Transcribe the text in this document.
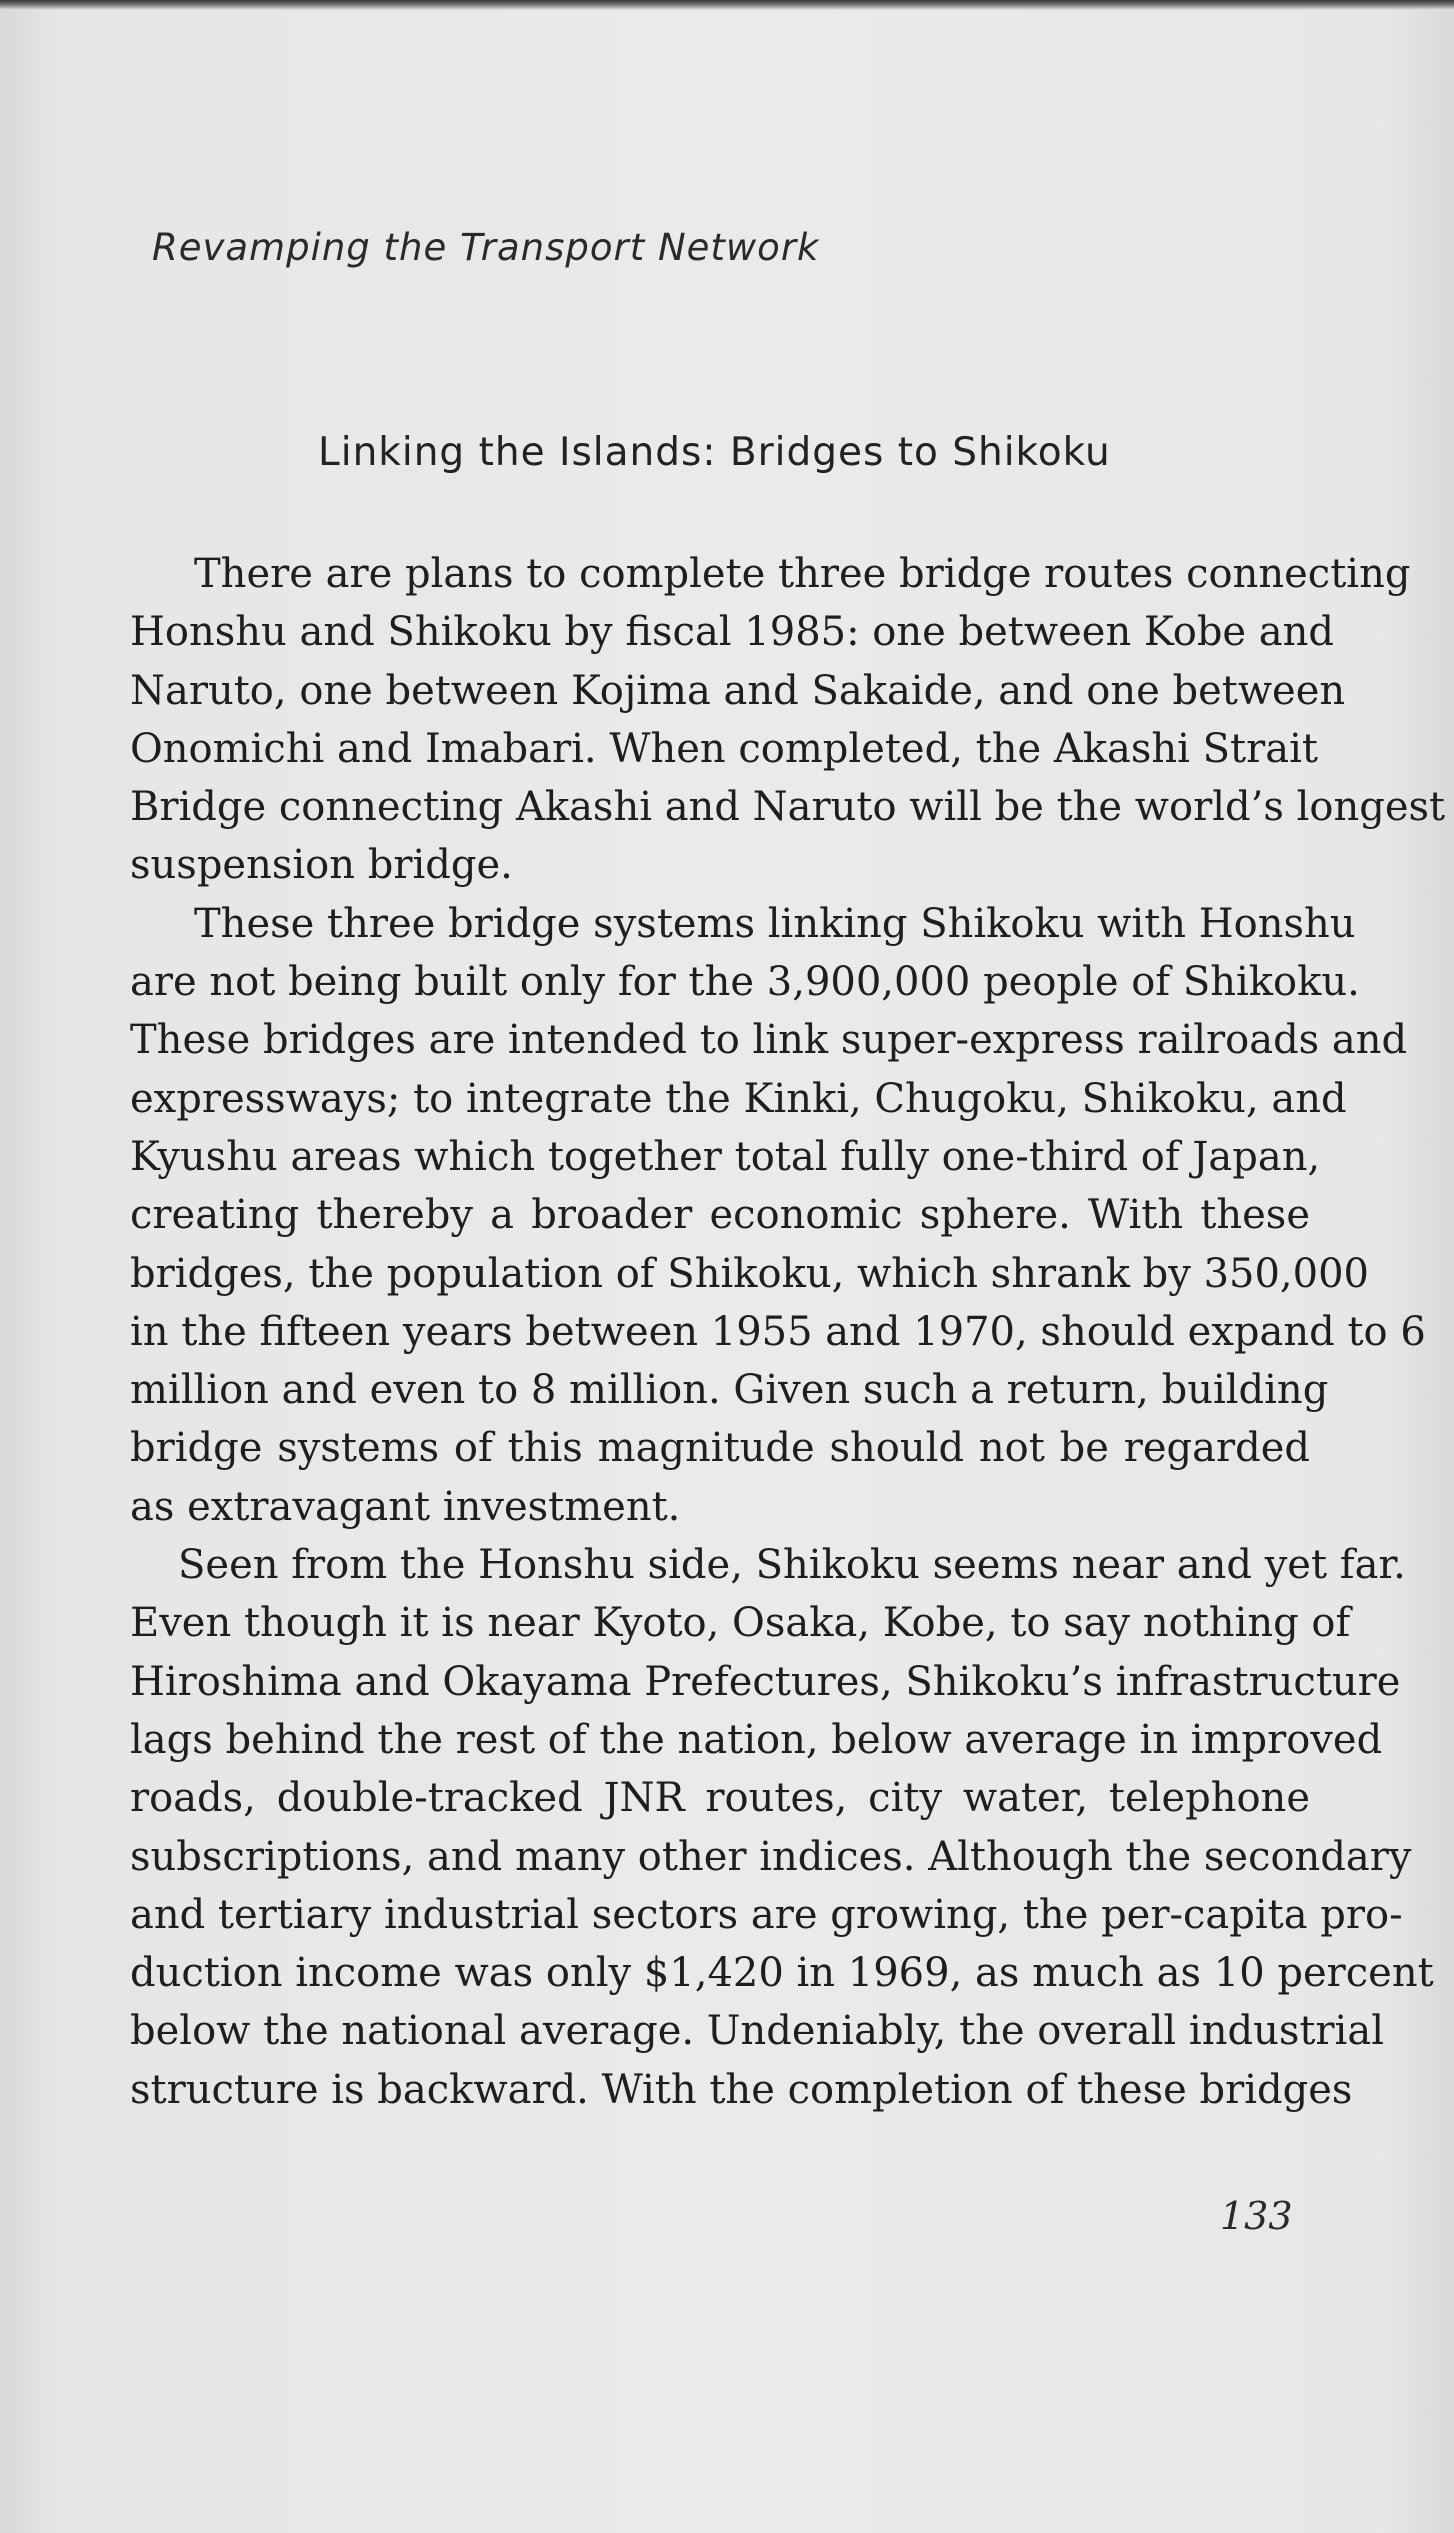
Revamping the Transport Network
Linking the Islands: Bridges to Shikoku
There are plans to complete three bridge routes connecting
Honshu and Shikoku by fiscal 1985: one between Kobe and
Naruto, one between Kojima and Sakaide, and one between
Onomichi and Imabari. When completed, the Akashi Strait
Bridge connecting Akashi and Naruto will be the world’s longest
suspension bridge.
These three bridge systems linking Shikoku with Honshu
are not being built only for the 3,900,000 people of Shikoku.
These bridges are intended to link super-express railroads and
expressways; to integrate the Kinki, Chugoku, Shikoku, and
Kyushu areas which together total fully one-third of Japan,
creating thereby a broader economic sphere. With these
bridges, the population of Shikoku, which shrank by 350,000
in the fifteen years between 1955 and 1970, should expand to 6
million and even to 8 million. Given such a return, building
bridge systems of this magnitude should not be regarded
as extravagant investment.
Seen from the Honshu side, Shikoku seems near and yet far.
Even though it is near Kyoto, Osaka, Kobe, to say nothing of
Hiroshima and Okayama Prefectures, Shikoku’s infrastructure
lags behind the rest of the nation, below average in improved
roads, double-tracked JNR routes, city water, telephone
subscriptions, and many other indices. Although the secondary
and tertiary industrial sectors are growing, the per-capita pro-
duction income was only $1,420 in 1969, as much as 10 percent
below the national average. Undeniably, the overall industrial
structure is backward. With the completion of these bridges
133
